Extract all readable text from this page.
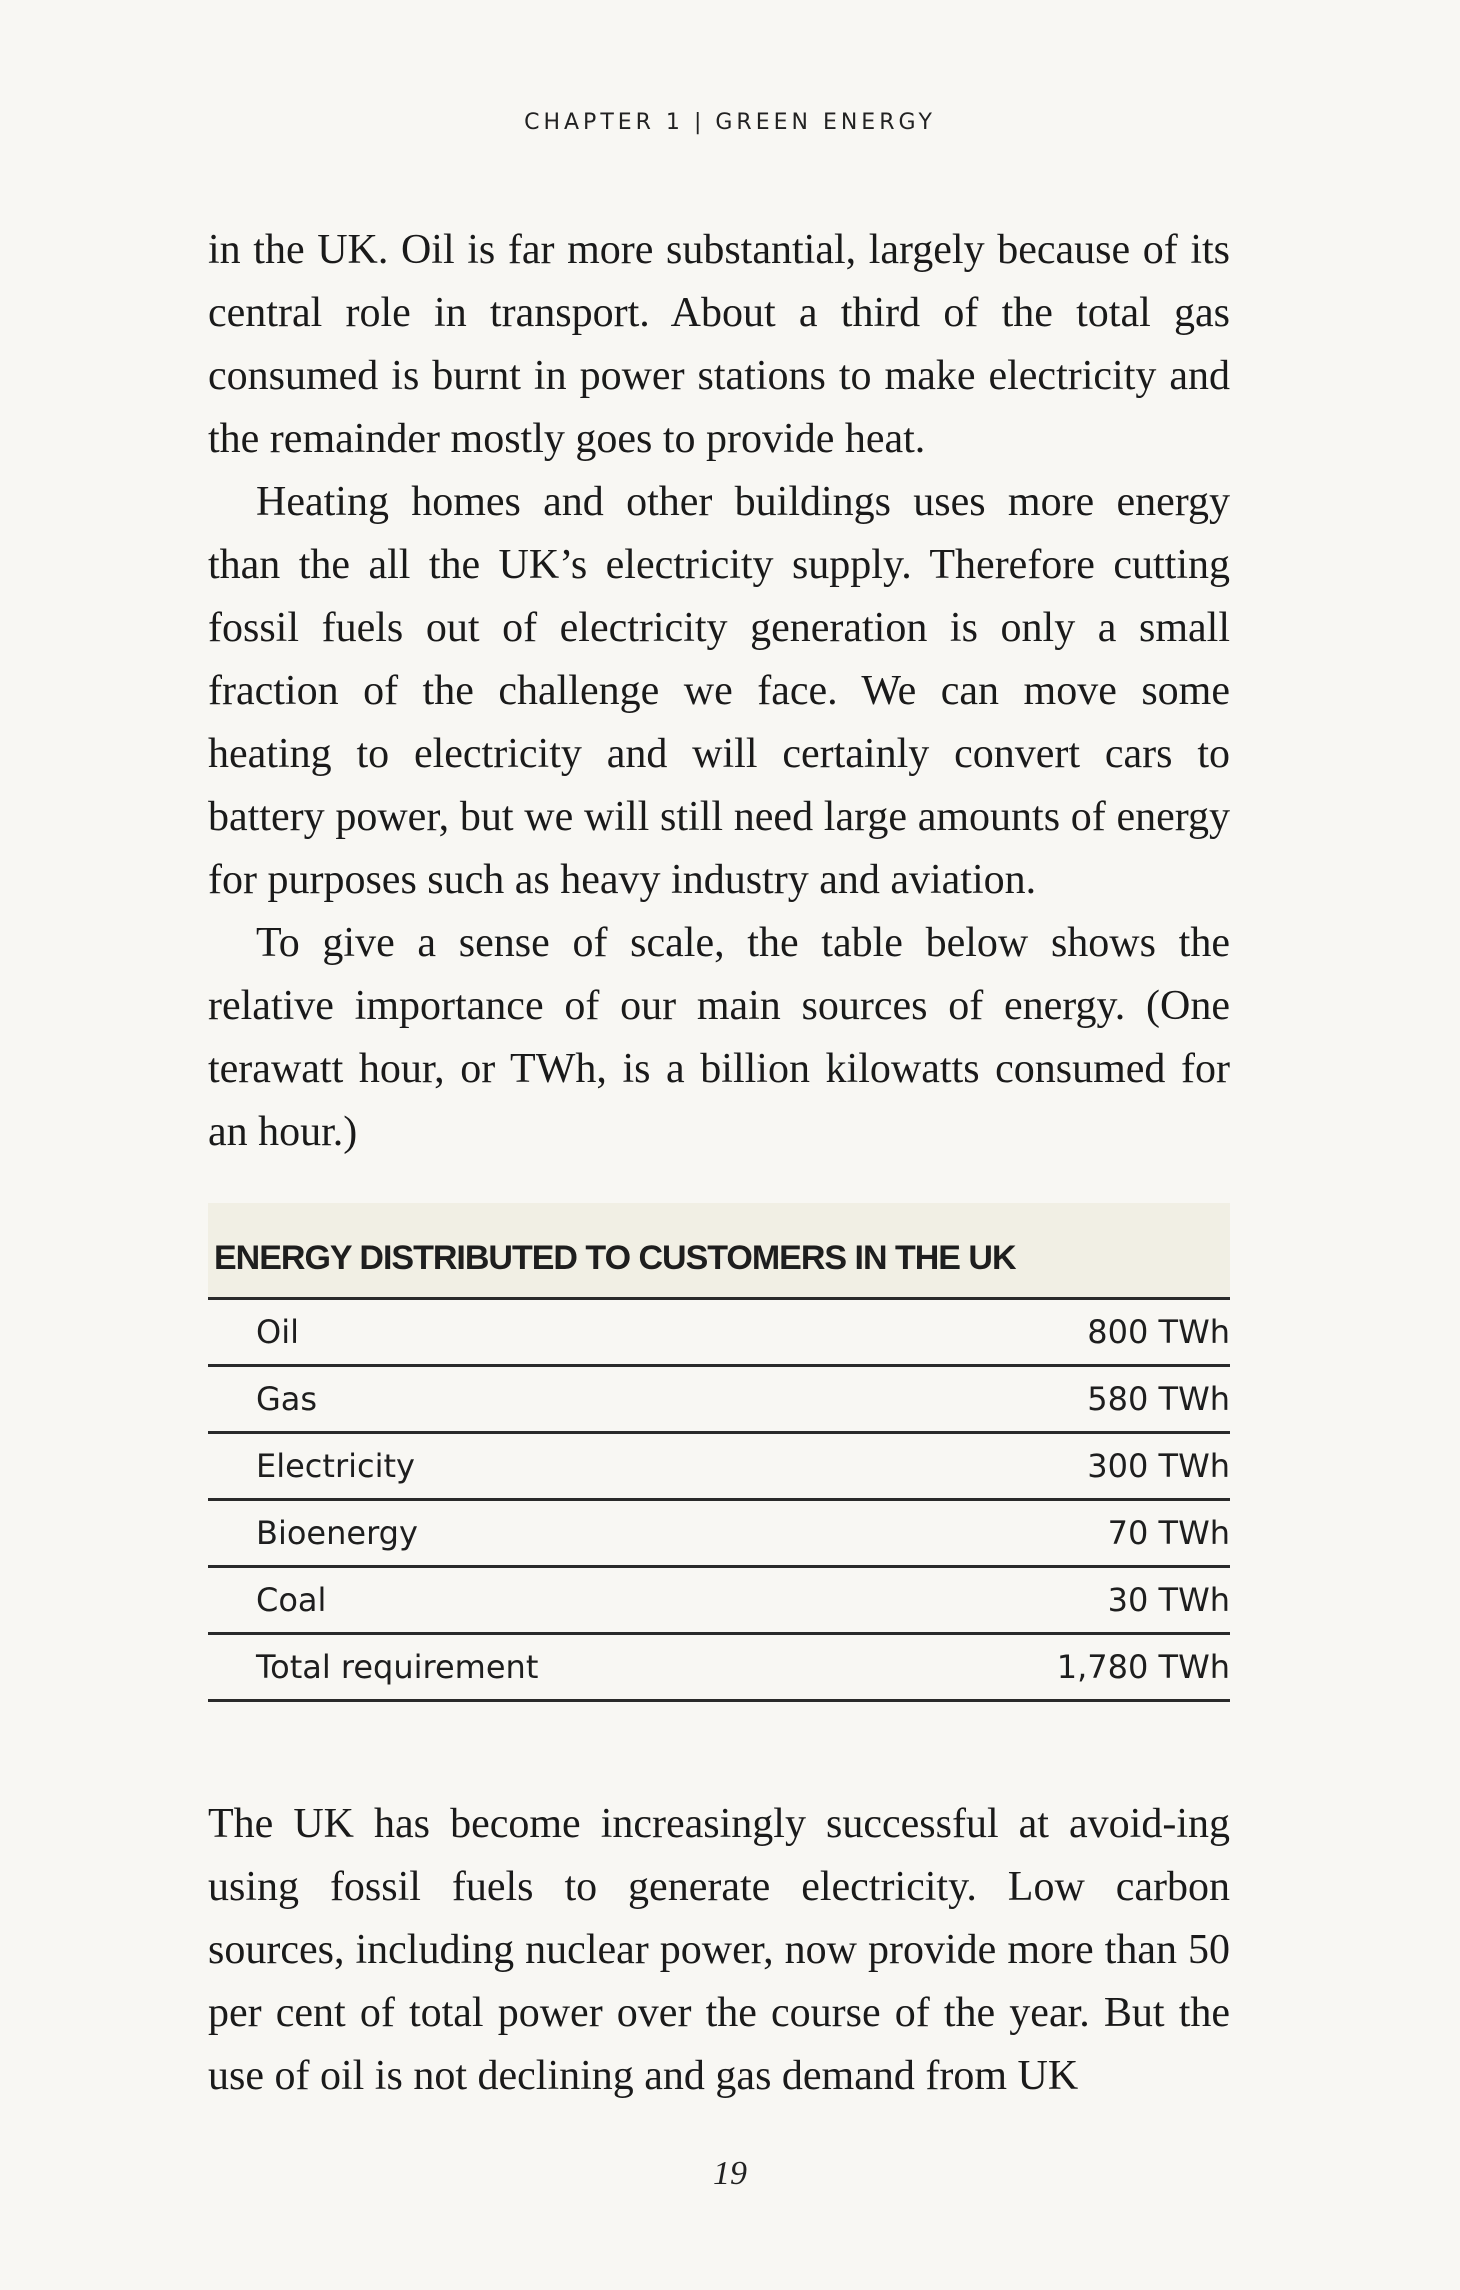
CHAPTER 1 | GREEN ENERGY

in the UK. Oil is far more substantial, largely because of its central role in transport. About a third of the total gas consumed is burnt in power stations to make electricity and the remainder mostly goes to provide heat.

Heating homes and other buildings uses more energy than the all the UK’s electricity supply. Therefore cutting fossil fuels out of electricity generation is only a small fraction of the challenge we face. We can move some heating to electricity and will certainly convert cars to battery power, but we will still need large amounts of energy for purposes such as heavy industry and aviation.

To give a sense of scale, the table below shows the relative importance of our main sources of energy. (One terawatt hour, or TWh, is a billion kilowatts consumed for an hour.)

ENERGY DISTRIBUTED TO CUSTOMERS IN THE UK
Oil	800 TWh
Gas	580 TWh
Electricity	300 TWh
Bioenergy	70 TWh
Coal	30 TWh
Total requirement	1,780 TWh

The UK has become increasingly successful at avoid-ing using fossil fuels to generate electricity. Low carbon sources, including nuclear power, now provide more than 50 per cent of total power over the course of the year. But the use of oil is not declining and gas demand from UK

19
